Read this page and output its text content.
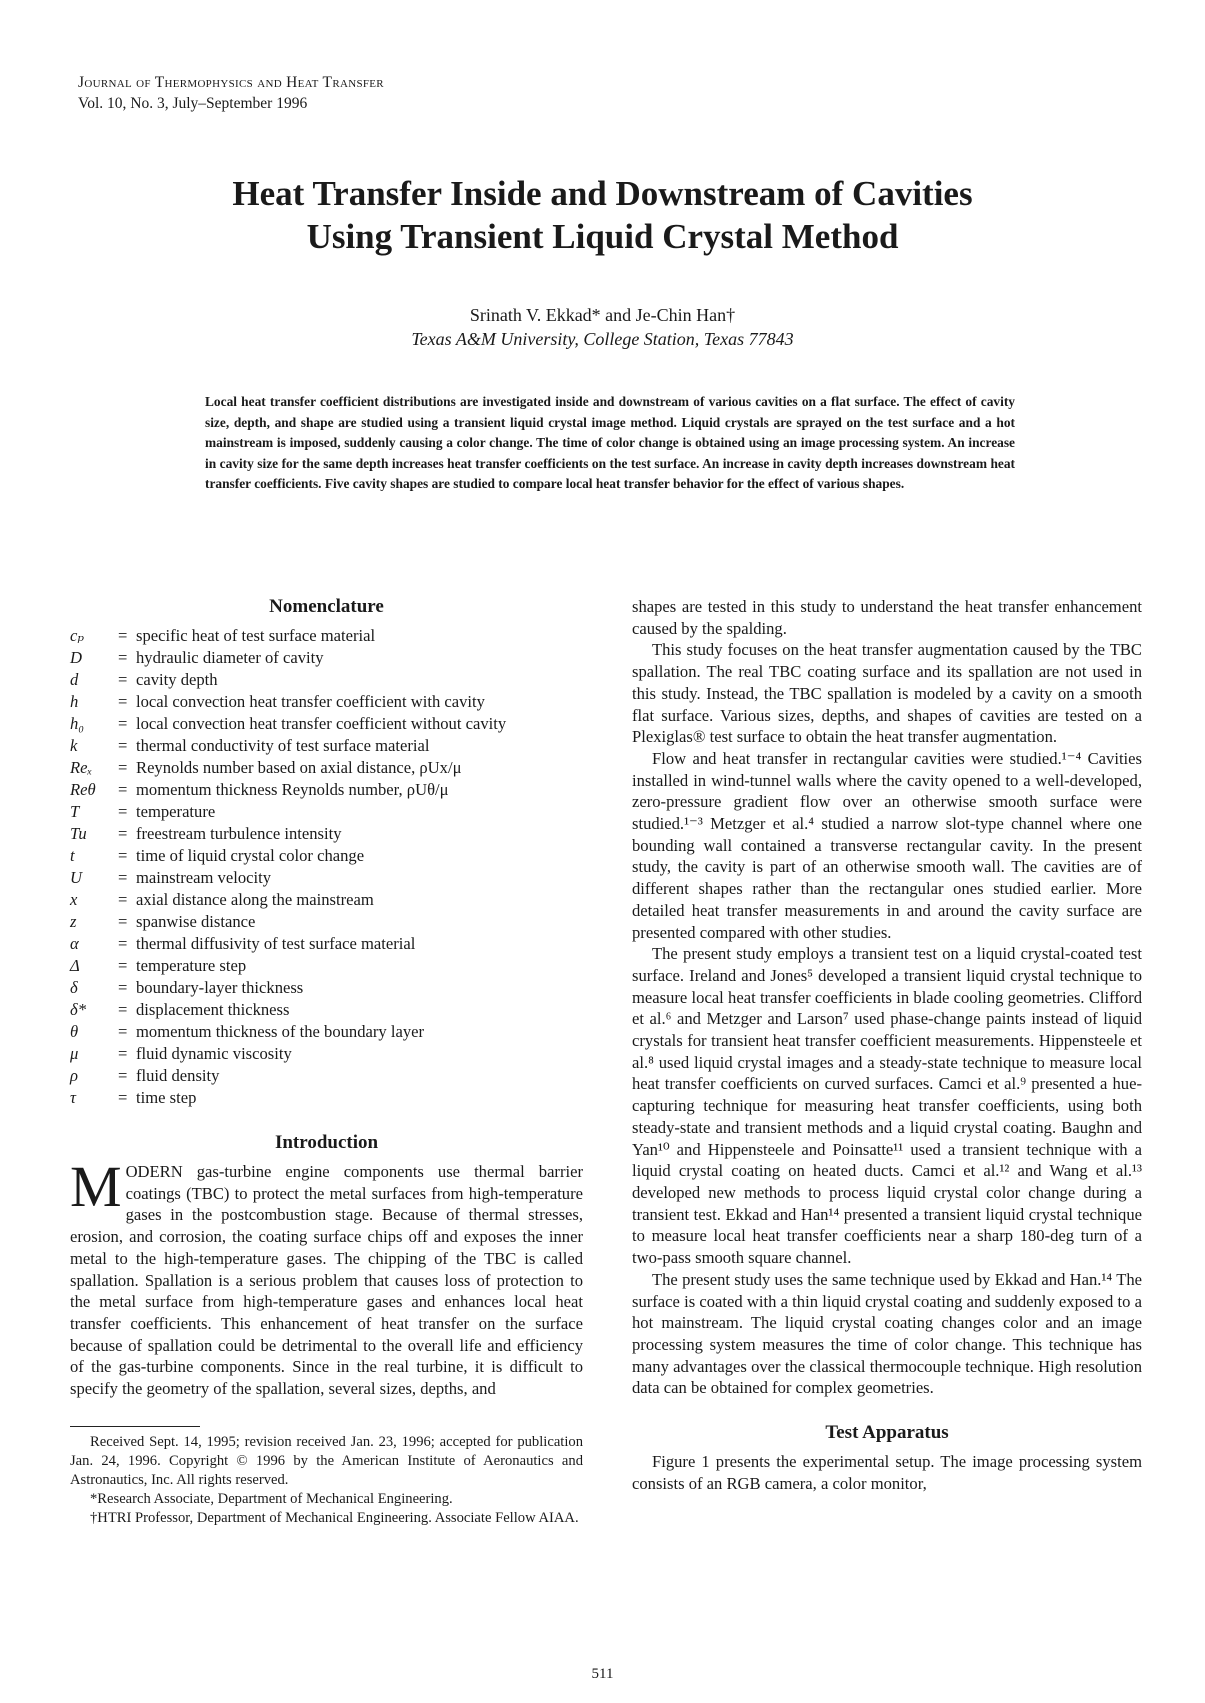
Journal of Thermophysics and Heat Transfer
Vol. 10, No. 3, July–September 1996
Heat Transfer Inside and Downstream of Cavities
Using Transient Liquid Crystal Method
Srinath V. Ekkad* and Je-Chin Han†
Texas A&M University, College Station, Texas 77843
Local heat transfer coefficient distributions are investigated inside and downstream of various cavities on a flat surface. The effect of cavity size, depth, and shape are studied using a transient liquid crystal image method. Liquid crystals are sprayed on the test surface and a hot mainstream is imposed, suddenly causing a color change. The time of color change is obtained using an image processing system. An increase in cavity size for the same depth increases heat transfer coefficients on the test surface. An increase in cavity depth increases downstream heat transfer coefficients. Five cavity shapes are studied to compare local heat transfer behavior for the effect of various shapes.
Nomenclature
cₚ	= specific heat of test surface material
D	= hydraulic diameter of cavity
d	= cavity depth
h	= local convection heat transfer coefficient with cavity
h₀	= local convection heat transfer coefficient without cavity
k	= thermal conductivity of test surface material
Reₓ	= Reynolds number based on axial distance, ρUx/μ
Reθ	= momentum thickness Reynolds number, ρUθ/μ
T	= temperature
Tu	= freestream turbulence intensity
t	= time of liquid crystal color change
U	= mainstream velocity
x	= axial distance along the mainstream
z	= spanwise distance
α	= thermal diffusivity of test surface material
Δ	= temperature step
δ	= boundary-layer thickness
δ*	= displacement thickness
θ	= momentum thickness of the boundary layer
μ	= fluid dynamic viscosity
ρ	= fluid density
τ	= time step
Introduction

MODERN gas-turbine engine components use thermal barrier coatings (TBC) to protect the metal surfaces from high-temperature gases in the postcombustion stage. Because of thermal stresses, erosion, and corrosion, the coating surface chips off and exposes the inner metal to the high-temperature gases. The chipping of the TBC is called spallation. Spallation is a serious problem that causes loss of protection to the metal surface from high-temperature gases and enhances local heat transfer coefficients. This enhancement of heat transfer on the surface because of spallation could be detrimental to the overall life and efficiency of the gas-turbine components. Since in the real turbine, it is difficult to specify the geometry of the spallation, several sizes, depths, and

Received Sept. 14, 1995; revision received Jan. 23, 1996; accepted for publication Jan. 24, 1996. Copyright © 1996 by the American Institute of Aeronautics and Astronautics, Inc. All rights reserved.
*Research Associate, Department of Mechanical Engineering.
†HTRI Professor, Department of Mechanical Engineering. Associate Fellow AIAA.

shapes are tested in this study to understand the heat transfer enhancement caused by the spalding.

This study focuses on the heat transfer augmentation caused by the TBC spallation. The real TBC coating surface and its spallation are not used in this study. Instead, the TBC spallation is modeled by a cavity on a smooth flat surface. Various sizes, depths, and shapes of cavities are tested on a Plexiglas® test surface to obtain the heat transfer augmentation.

Flow and heat transfer in rectangular cavities were studied.¹⁻⁴ Cavities installed in wind-tunnel walls where the cavity opened to a well-developed, zero-pressure gradient flow over an otherwise smooth surface were studied.¹⁻³ Metzger et al.⁴ studied a narrow slot-type channel where one bounding wall contained a transverse rectangular cavity. In the present study, the cavity is part of an otherwise smooth wall. The cavities are of different shapes rather than the rectangular ones studied earlier. More detailed heat transfer measurements in and around the cavity surface are presented compared with other studies.

The present study employs a transient test on a liquid crystal-coated test surface. Ireland and Jones⁵ developed a transient liquid crystal technique to measure local heat transfer coefficients in blade cooling geometries. Clifford et al.⁶ and Metzger and Larson⁷ used phase-change paints instead of liquid crystals for transient heat transfer coefficient measurements. Hippensteele et al.⁸ used liquid crystal images and a steady-state technique to measure local heat transfer coefficients on curved surfaces. Camci et al.⁹ presented a hue-capturing technique for measuring heat transfer coefficients, using both steady-state and transient methods and a liquid crystal coating. Baughn and Yan¹⁰ and Hippensteele and Poinsatte¹¹ used a transient technique with a liquid crystal coating on heated ducts. Camci et al.¹² and Wang et al.¹³ developed new methods to process liquid crystal color change during a transient test. Ekkad and Han¹⁴ presented a transient liquid crystal technique to measure local heat transfer coefficients near a sharp 180-deg turn of a two-pass smooth square channel.

The present study uses the same technique used by Ekkad and Han.¹⁴ The surface is coated with a thin liquid crystal coating and suddenly exposed to a hot mainstream. The liquid crystal coating changes color and an image processing system measures the time of color change. This technique has many advantages over the classical thermocouple technique. High resolution data can be obtained for complex geometries.

Test Apparatus

Figure 1 presents the experimental setup. The image processing system consists of an RGB camera, a color monitor,

511
